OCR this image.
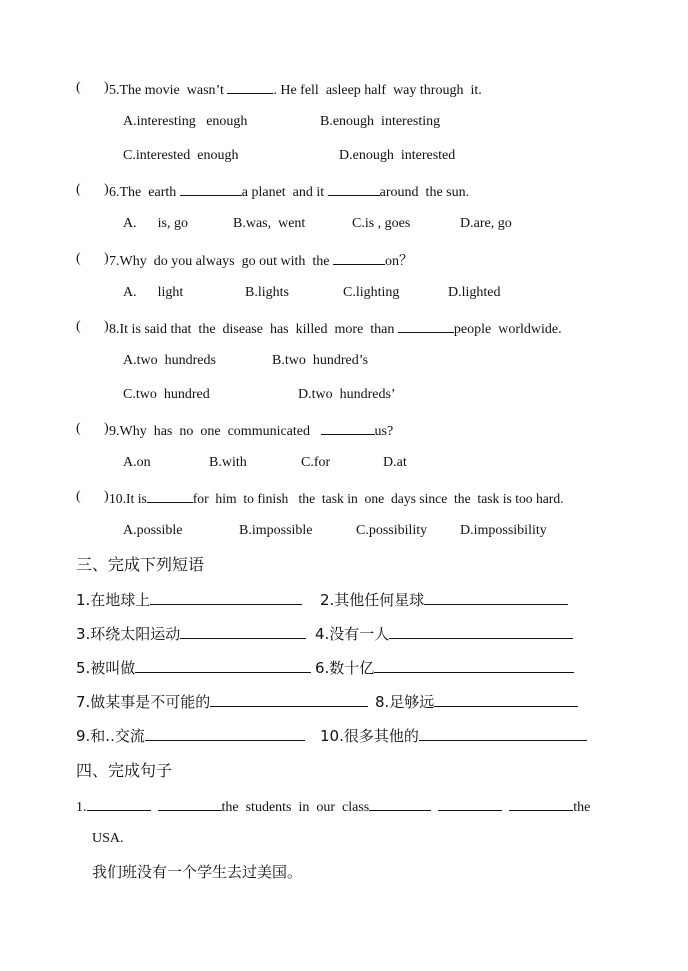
( ) 5.The movie  wasn’t	. He fell  asleep half  way through  it.
A.interesting   enough	B.enough  interesting
C.interested  enough	D.enough  interested
( ) 6.The  earth	a planet  and it	around  the sun.
A.      is, go	B.was,  went	C.is , goes	D.are, go
( ) 7.Why  do you always  go out with  the	on？
A.      light	B.lights	C.lighting	D.lighted
( ) 8.It is said that  the  disease  has  killed  more  than	people  worldwide.
A.two  hundreds	B.two  hundred’s
C.two  hundred	D.two  hundreds’
( ) 9.Why  has  no  one  communicated	us?
A.on	B.with	C.for	D.at
( ) 10.It is	for  him  to finish   the  task in  one  days since  the  task is too hard.
A.possible	B.impossible	C.possibility D.impossibility
三、完成下列短语
1.在地球上	2.其他任何星球
3.环绕太阳运动	4.没有一人
5.被叫做	6.数十亿
7.做某事是不可能的	8.足够远
9.和..交流	10.很多其他的
四、完成句子
1.	the  students  in  our  class	the
USA.
我们班没有一个学生去过美国。
